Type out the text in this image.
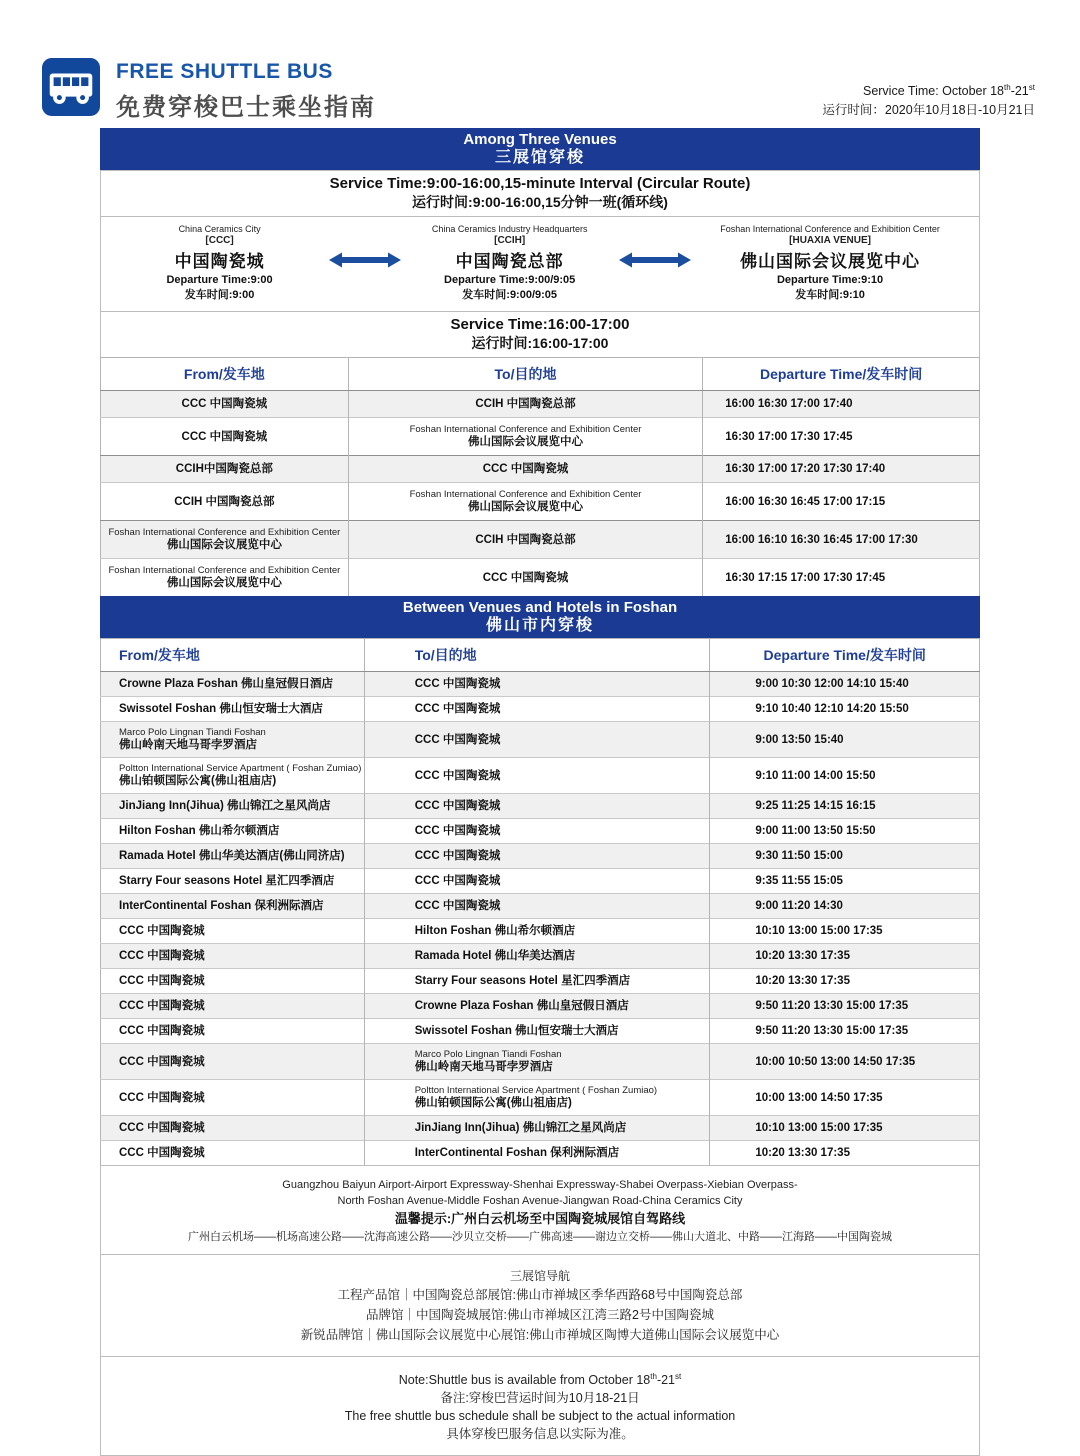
FREE SHUTTLE BUS
免费穿梭巴士乘坐指南
Service Time: October 18th-21st
运行时间：2020年10月18日-10月21日
Among Three Venues
三展馆穿梭
Service Time:9:00-16:00,15-minute Interval (Circular Route)
运行时间:9:00-16:00,15分钟一班(循环线)
China Ceramics City
[CCC]
中国陶瓷城
Departure Time:9:00
发车时间:9:00
China Ceramics Industry Headquarters
[CCIH]
中国陶瓷总部
Departure Time:9:00/9:05
发车时间:9:00/9:05
Foshan International Conference and Exhibition Center
[HUAXIA VENUE]
佛山国际会议展览中心
Departure Time:9:10
发车时间:9:10
Service Time:16:00-17:00
运行时间:16:00-17:00
From/发车地	To/目的地	Departure Time/发车时间

CCC 中国陶瓷城	CCIH 中国陶瓷总部	16:00 16:30 17:00 17:40

CCC 中国陶瓷城	Foshan International Conference and Exhibition Center
佛山国际会议展览中心	16:30 17:00 17:30 17:45

CCIH中国陶瓷总部	CCC 中国陶瓷城	16:30 17:00 17:20 17:30 17:40

CCIH 中国陶瓷总部	Foshan International Conference and Exhibition Center
佛山国际会议展览中心	16:00 16:30 16:45 17:00 17:15

Foshan International Conference and Exhibition Center
佛山国际会议展览中心	CCIH 中国陶瓷总部	16:00 16:10 16:30 16:45 17:00 17:30

Foshan International Conference and Exhibition Center
佛山国际会议展览中心	CCC 中国陶瓷城	16:30 17:15 17:00 17:30 17:45
Between Venues and Hotels in Foshan
佛山市内穿梭
From/发车地	To/目的地	Departure Time/发车时间

Crowne Plaza Foshan 佛山皇冠假日酒店	CCC 中国陶瓷城	9:00 10:30 12:00 14:10 15:40

Swissotel Foshan 佛山恒安瑞士大酒店	CCC 中国陶瓷城	9:10 10:40 12:10 14:20 15:50

Marco Polo Lingnan Tiandi Foshan
佛山岭南天地马哥孛罗酒店	CCC 中国陶瓷城	9:00 13:50 15:40

Poltton International Service Apartment ( Foshan Zumiao)
佛山铂顿国际公寓(佛山祖庙店)	CCC 中国陶瓷城	9:10 11:00 14:00 15:50

JinJiang Inn(Jihua) 佛山锦江之星风尚店	CCC 中国陶瓷城	9:25 11:25 14:15 16:15

Hilton Foshan 佛山希尔顿酒店	CCC 中国陶瓷城	9:00 11:00 13:50 15:50

Ramada Hotel 佛山华美达酒店(佛山同济店)	CCC 中国陶瓷城	9:30 11:50 15:00

Starry Four seasons Hotel 星汇四季酒店	CCC 中国陶瓷城	9:35 11:55 15:05

InterContinental Foshan 保利洲际酒店	CCC 中国陶瓷城	9:00 11:20 14:30

CCC 中国陶瓷城	Hilton Foshan 佛山希尔顿酒店	10:10 13:00 15:00 17:35

CCC 中国陶瓷城	Ramada Hotel 佛山华美达酒店	10:20 13:30 17:35

CCC 中国陶瓷城	Starry Four seasons Hotel 星汇四季酒店	10:20 13:30 17:35

CCC 中国陶瓷城	Crowne Plaza Foshan 佛山皇冠假日酒店	9:50 11:20 13:30 15:00 17:35

CCC 中国陶瓷城	Swissotel Foshan 佛山恒安瑞士大酒店	9:50 11:20 13:30 15:00 17:35

CCC 中国陶瓷城	Marco Polo Lingnan Tiandi Foshan
佛山岭南天地马哥孛罗酒店	10:00 10:50 13:00 14:50 17:35

CCC 中国陶瓷城	Poltton International Service Apartment ( Foshan Zumiao)
佛山铂顿国际公寓(佛山祖庙店)	10:00 13:00 14:50 17:35

CCC 中国陶瓷城	JinJiang Inn(Jihua) 佛山锦江之星风尚店	10:10 13:00 15:00 17:35

CCC 中国陶瓷城	InterContinental Foshan 保利洲际酒店	10:20 13:30 17:35
Guangzhou Baiyun Airport-Airport Expressway-Shenhai Expressway-Shabei Overpass-Xiebian Overpass-
North Foshan Avenue-Middle Foshan Avenue-Jiangwan Road-China Ceramics City
温馨提示:广州白云机场至中国陶瓷城展馆自驾路线
广州白云机场——机场高速公路——沈海高速公路——沙贝立交桥——广佛高速——谢边立交桥——佛山大道北、中路——江海路——中国陶瓷城
三展馆导航
工程产品馆｜中国陶瓷总部展馆:佛山市禅城区季华西路68号中国陶瓷总部
品牌馆｜中国陶瓷城展馆:佛山市禅城区江湾三路2号中国陶瓷城
新锐品牌馆｜佛山国际会议展览中心展馆:佛山市禅城区陶博大道佛山国际会议展览中心
Note:Shuttle bus is available from October 18th-21st
备注:穿梭巴营运时间为10月18-21日
The free shuttle bus schedule shall be subject to the actual information
具体穿梭巴服务信息以实际为准。
